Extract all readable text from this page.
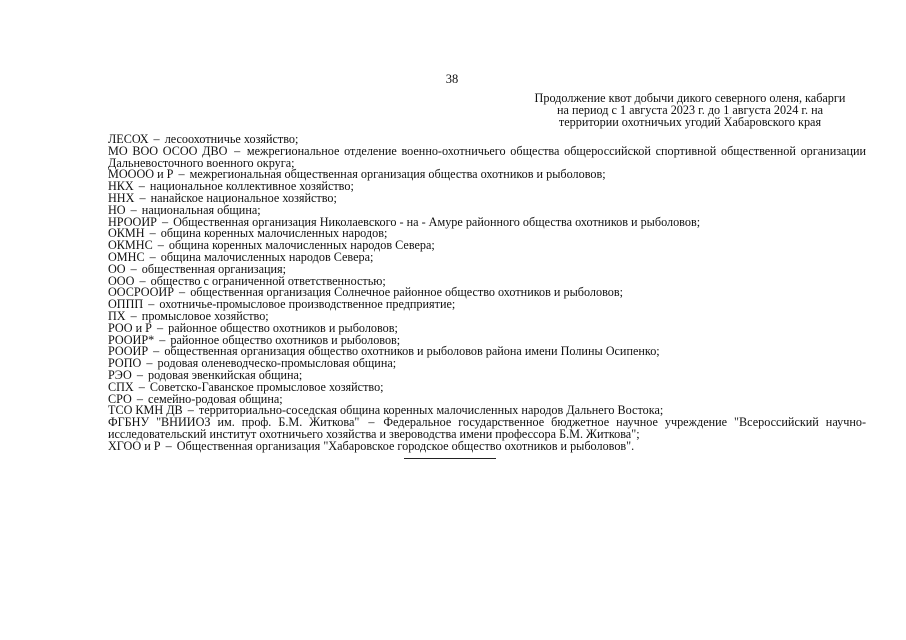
38
Продолжение квот добычи дикого северного оленя, кабарги
на период с 1 августа 2023 г. до 1 августа 2024 г. на
территории охотничьих угодий Хабаровского края
ЛЕСОХ – лесоохотничье хозяйство;
МО ВОО ОСОО ДВО – межрегиональное отделение военно-охотничьего общества общероссийской спортивной общественной организации Дальневосточного военного округа;
МОООО и Р – межрегиональная общественная организация общества охотников и рыболовов;
НКХ – национальное коллективное хозяйство;
ННХ – нанайское национальное хозяйство;
НО – национальная община;
НРООИР – Общественная организация Николаевского - на - Амуре районного общества охотников и рыболовов;
ОКМН – община коренных малочисленных народов;
ОКМНС – община коренных малочисленных народов Севера;
ОМНС – община малочисленных народов Севера;
ОО – общественная организация;
ООО – общество с ограниченной ответственностью;
ООСРООИР – общественная организация Солнечное районное общество охотников и рыболовов;
ОППП – охотничье-промысловое производственное предприятие;
ПХ – промысловое хозяйство;
РОО и Р – районное общество охотников и рыболовов;
РООИР* – районное общество охотников и рыболовов;
РООИР – общественная организация общество охотников и рыболовов района имени Полины Осипенко;
РОПО – родовая оленеводческо-промысловая община;
РЭО – родовая эвенкийская община;
СПХ – Советско-Гаванское промысловое хозяйство;
СРО – семейно-родовая община;
ТСО КМН ДВ – территориально-соседская община коренных малочисленных народов Дальнего Востока;
ФГБНУ "ВНИИОЗ им. проф. Б.М. Житкова" – Федеральное государственное бюджетное научное учреждение "Всероссийский научно-исследовательский институт охотничьего хозяйства и звероводства имени профессора Б.М. Житкова";
ХГОО и Р – Общественная организация "Хабаровское городское общество охотников и рыболовов".
